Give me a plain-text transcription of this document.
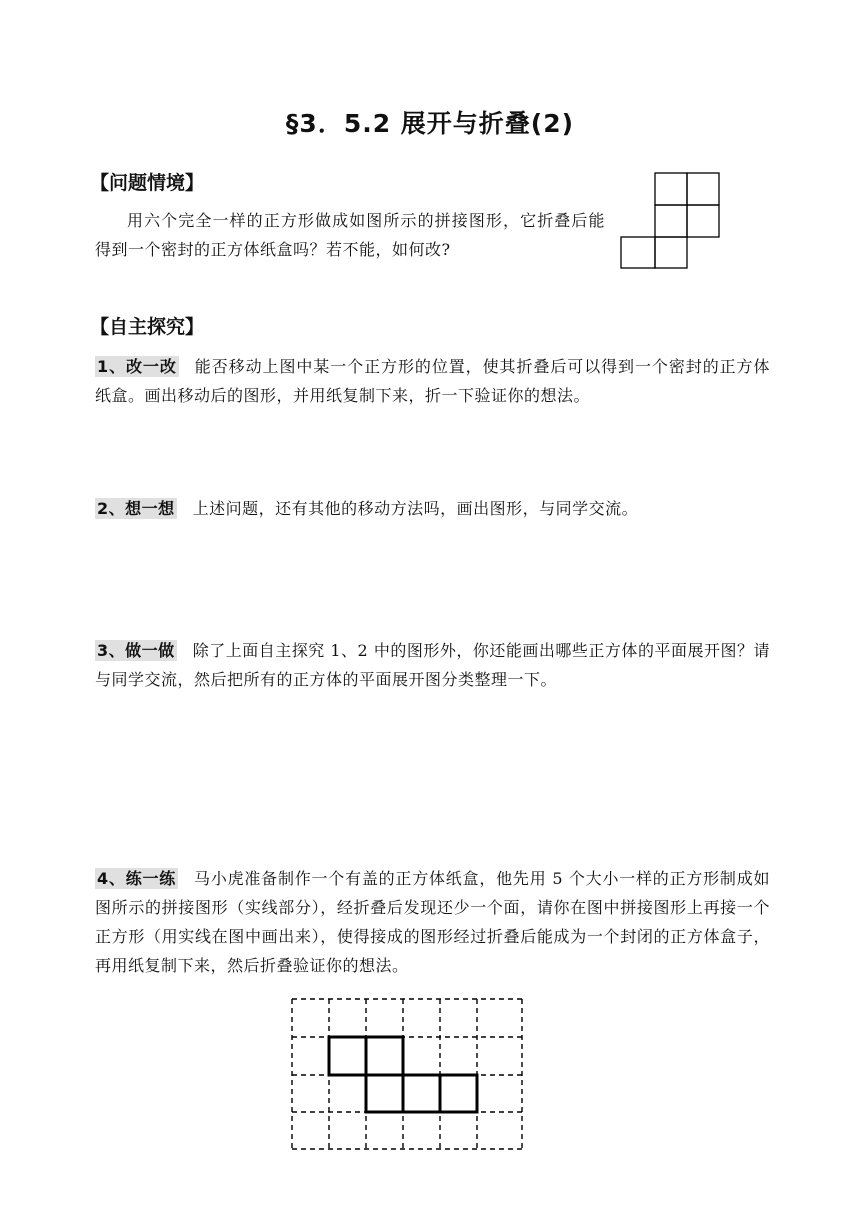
§3．5.2 展开与折叠(2)
【问题情境】

用六个完全一样的正方形做成如图所示的拼接图形，它折叠后能得到一个密封的正方体纸盒吗？若不能，如何改?

【自主探究】

1、改一改 能否移动上图中某一个正方形的位置，使其折叠后可以得到一个密封的正方体纸盒。画出移动后的图形，并用纸复制下来，折一下验证你的想法。

2、想一想 上述问题，还有其他的移动方法吗，画出图形，与同学交流。

3、做一做 除了上面自主探究 1、2 中的图形外，你还能画出哪些正方体的平面展开图？请与同学交流，然后把所有的正方体的平面展开图分类整理一下。

4、练一练 马小虎准备制作一个有盖的正方体纸盒，他先用 5 个大小一样的正方形制成如图所示的拼接图形（实线部分），经折叠后发现还少一个面，请你在图中拼接图形上再接一个正方形（用实线在图中画出来），使得接成的图形经过折叠后能成为一个封闭的正方体盒子，再用纸复制下来，然后折叠验证你的想法。
